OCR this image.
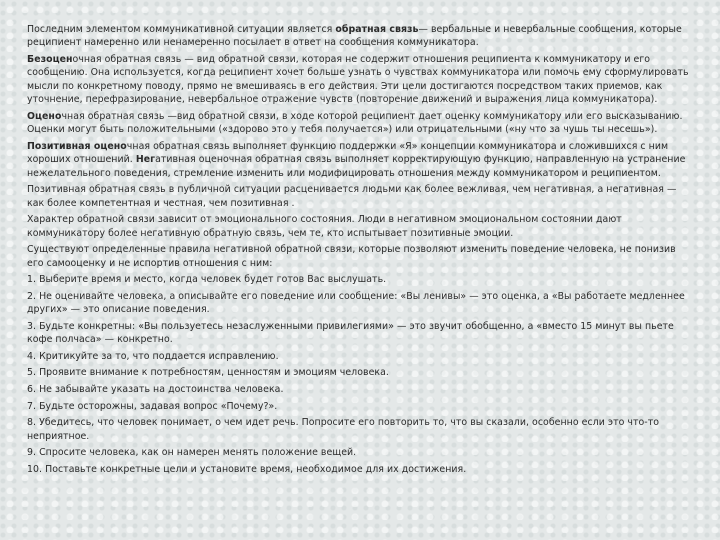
Последним элементом коммуникативной ситуации является обратная связь— вербальные и невербальные сообщения, которые реципиент намеренно или ненамеренно посылает в ответ на сообщения коммуникатора.

Безоценочная обратная связь — вид обратной связи, которая не содержит отношения реципиента к коммуникатору и его сообщению. Она используется, когда реципиент хочет больше узнать о чувствах коммуникатора или помочь ему сформулировать мысли по конкретному поводу, прямо не вмешиваясь в его действия. Эти цели достигаются посредством таких приемов, как уточнение, перефразирование, невербальное отражение чувств (повторение движений и выражения лица коммуникатора).

Оценочная обратная связь —вид обратной связи, в ходе которой реципиент дает оценку коммуникатору или его высказыванию. Оценки могут быть положительными («здорово это у тебя получается») или отрицательными («ну что за чушь ты несешь»).

Позитивная оценочная обратная связь выполняет функцию поддержки «Я» концепции коммуникатора и сложившихся с ним хороших отношений. Негативная оценочная обратная связь выполняет корректирующую функцию, направленную на устранение нежелательного поведения, стремление изменить или модифицировать отношения между коммуникатором и реципиентом.

Позитивная обратная связь в публичной ситуации расценивается людьми как более вежливая, чем негативная, а негативная — как более компетентная и честная, чем позитивная .

Характер обратной связи зависит от эмоционального состояния. Люди в негативном эмоциональном состоянии дают коммуникатору более негативную обратную связь, чем те, кто испытывает позитивные эмоции.

Существуют определенные правила негативной обратной связи, которые позволяют изменить поведение человека, не понизив его самооценку и не испортив отношения с ним:

1. Выберите время и место, когда человек будет готов Вас выслушать.

2. Не оценивайте человека, а описывайте его поведение или сообщение: «Вы ленивы» — это оценка, а «Вы работаете медленнее других» — это описание поведения.

3. Будьте конкретны: «Вы пользуетесь незаслуженными привилегиями» — это звучит обобщенно, а «вместо 15 минут вы пьете кофе полчаса» — конкретно.

4. Критикуйте за то, что поддается исправлению.

5. Проявите внимание к потребностям, ценностям и эмоциям человека.

6. Не забывайте указать на достоинства человека.

7. Будьте осторожны, задавая вопрос «Почему?».

8. Убедитесь, что человек понимает, о чем идет речь. Попросите его повторить то, что вы сказали, особенно если это что-то неприятное.

9. Спросите человека, как он намерен менять положение вещей.

10. Поставьте конкретные цели и установите время, необходимое для их достижения.
